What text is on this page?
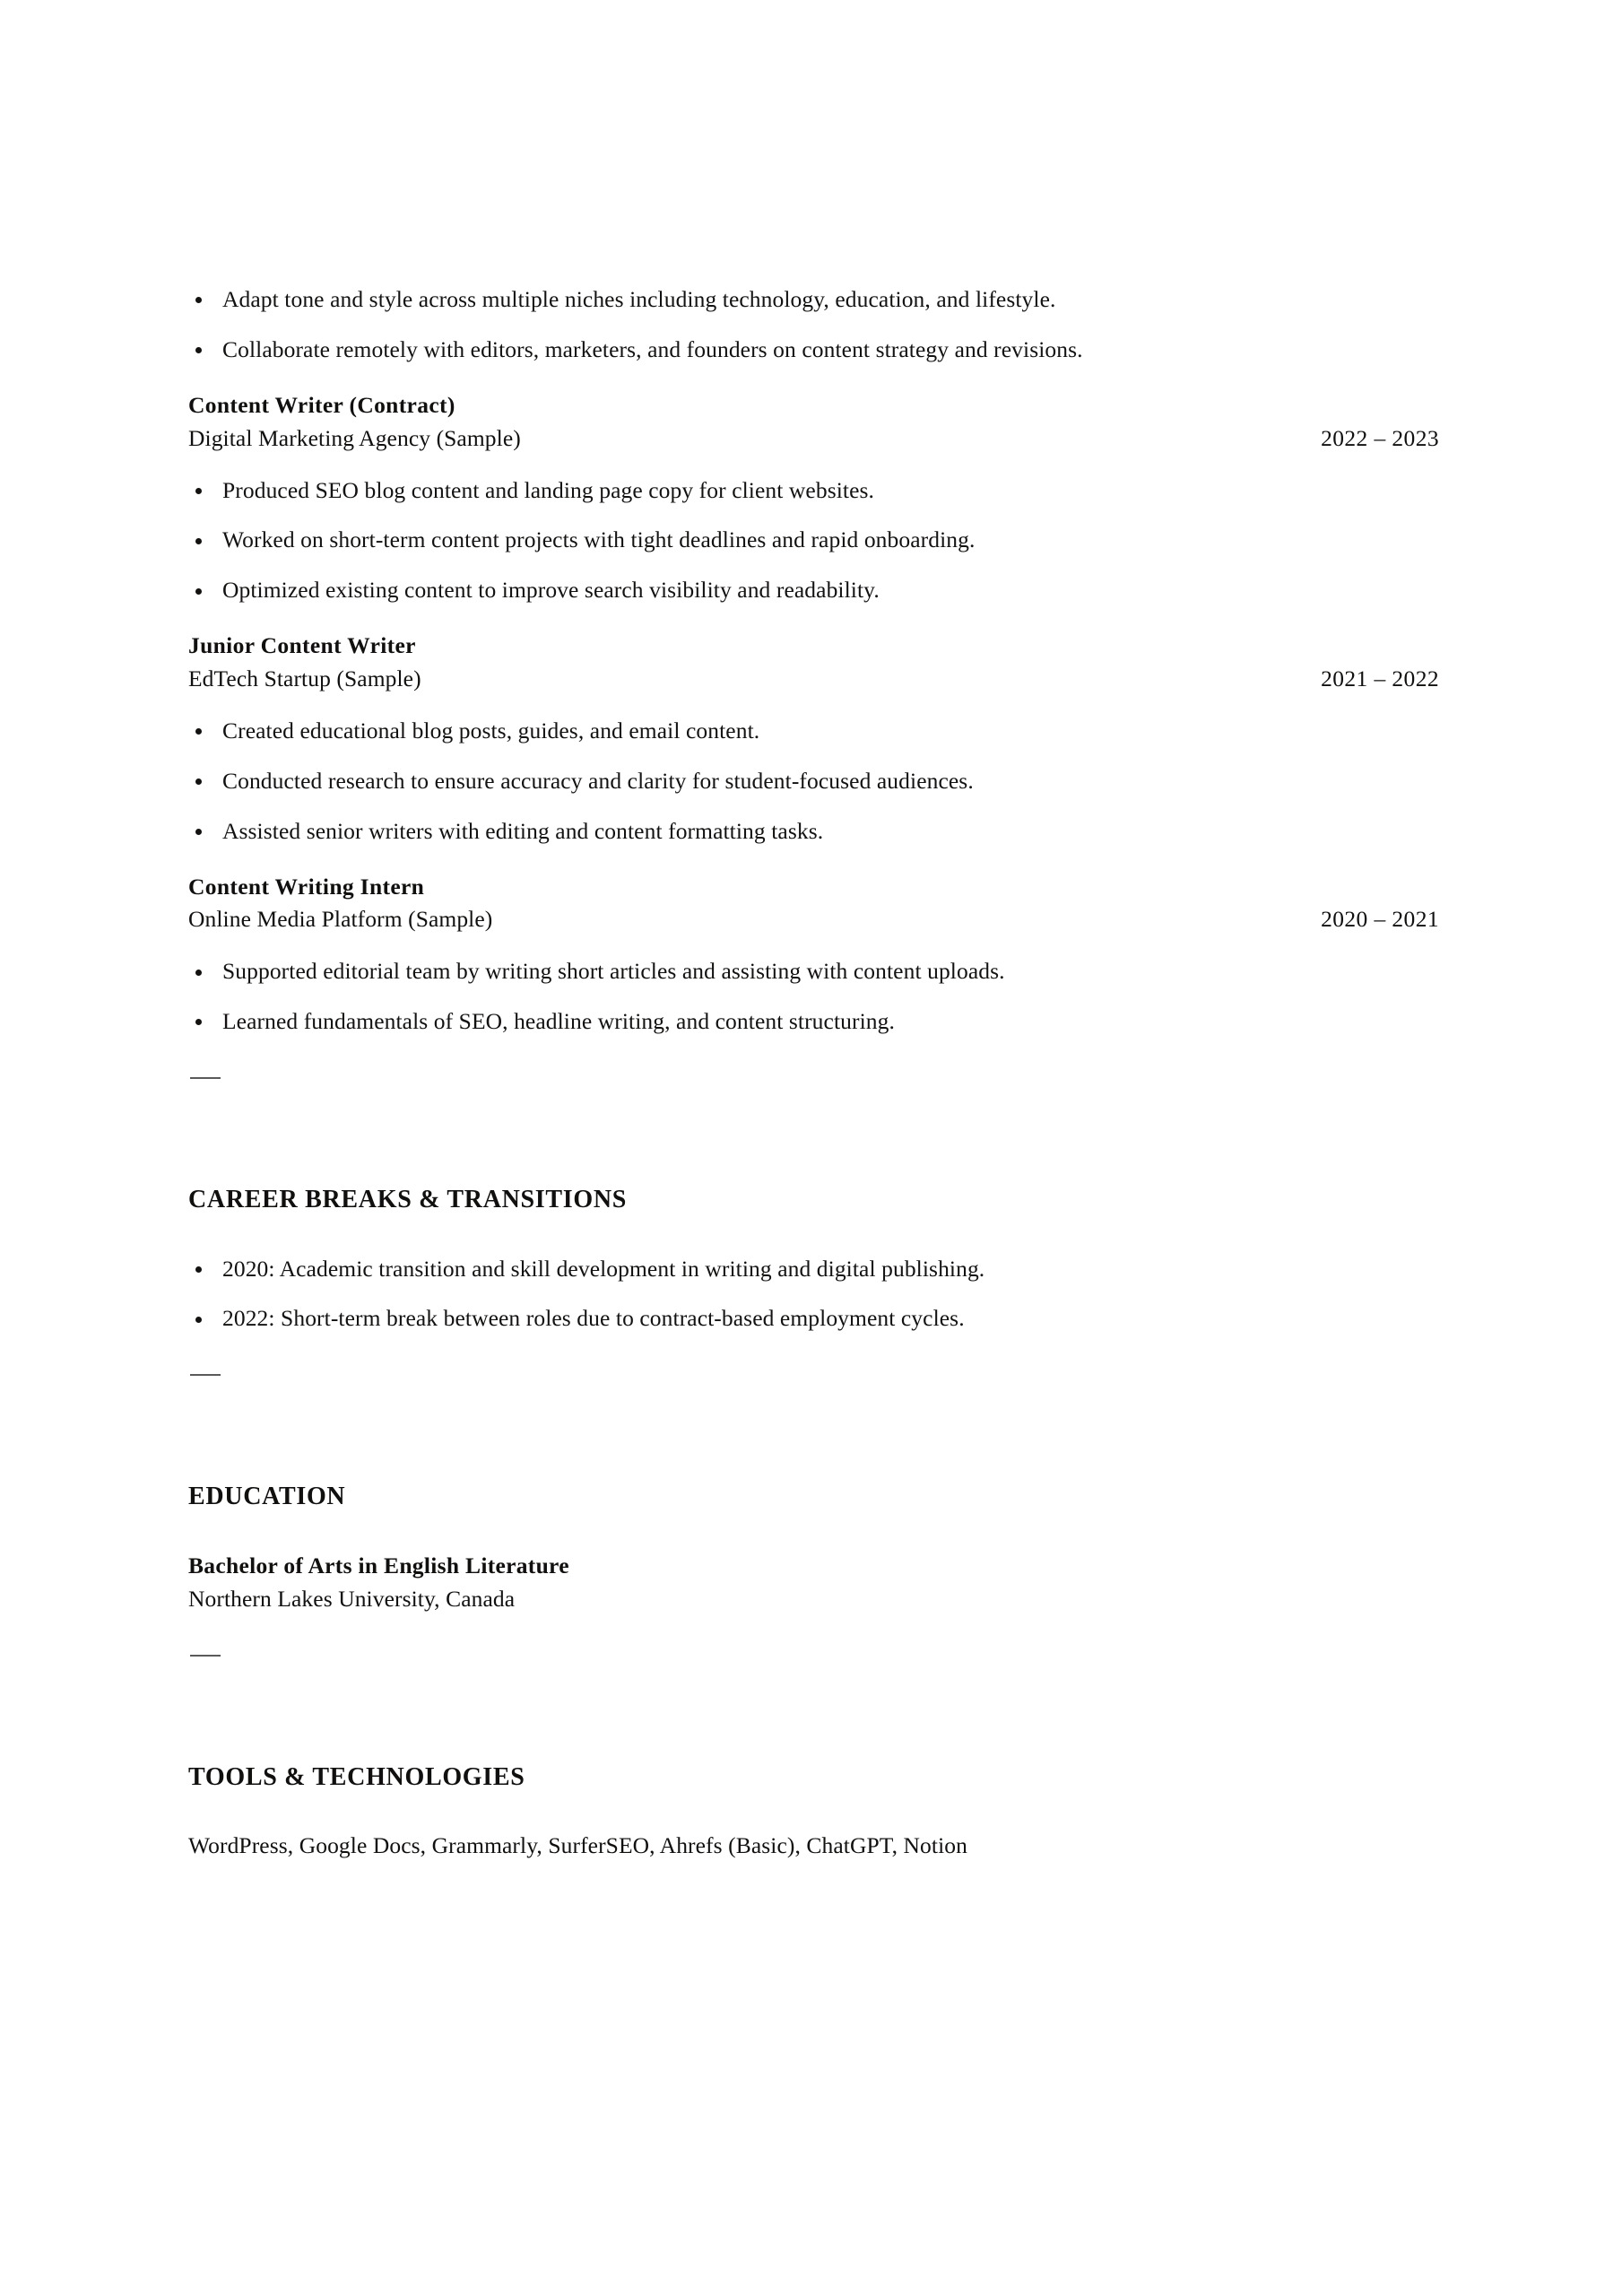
Adapt tone and style across multiple niches including technology, education, and lifestyle.
Collaborate remotely with editors, marketers, and founders on content strategy and revisions.
Content Writer (Contract)
Digital Marketing Agency (Sample)	2022 – 2023
Produced SEO blog content and landing page copy for client websites.
Worked on short-term content projects with tight deadlines and rapid onboarding.
Optimized existing content to improve search visibility and readability.
Junior Content Writer
EdTech Startup (Sample)	2021 – 2022
Created educational blog posts, guides, and email content.
Conducted research to ensure accuracy and clarity for student-focused audiences.
Assisted senior writers with editing and content formatting tasks.
Content Writing Intern
Online Media Platform (Sample)	2020 – 2021
Supported editorial team by writing short articles and assisting with content uploads.
Learned fundamentals of SEO, headline writing, and content structuring.
CAREER BREAKS & TRANSITIONS
2020: Academic transition and skill development in writing and digital publishing.
2022: Short-term break between roles due to contract-based employment cycles.
EDUCATION
Bachelor of Arts in English Literature
Northern Lakes University, Canada
TOOLS & TECHNOLOGIES
WordPress, Google Docs, Grammarly, SurferSEO, Ahrefs (Basic), ChatGPT, Notion
